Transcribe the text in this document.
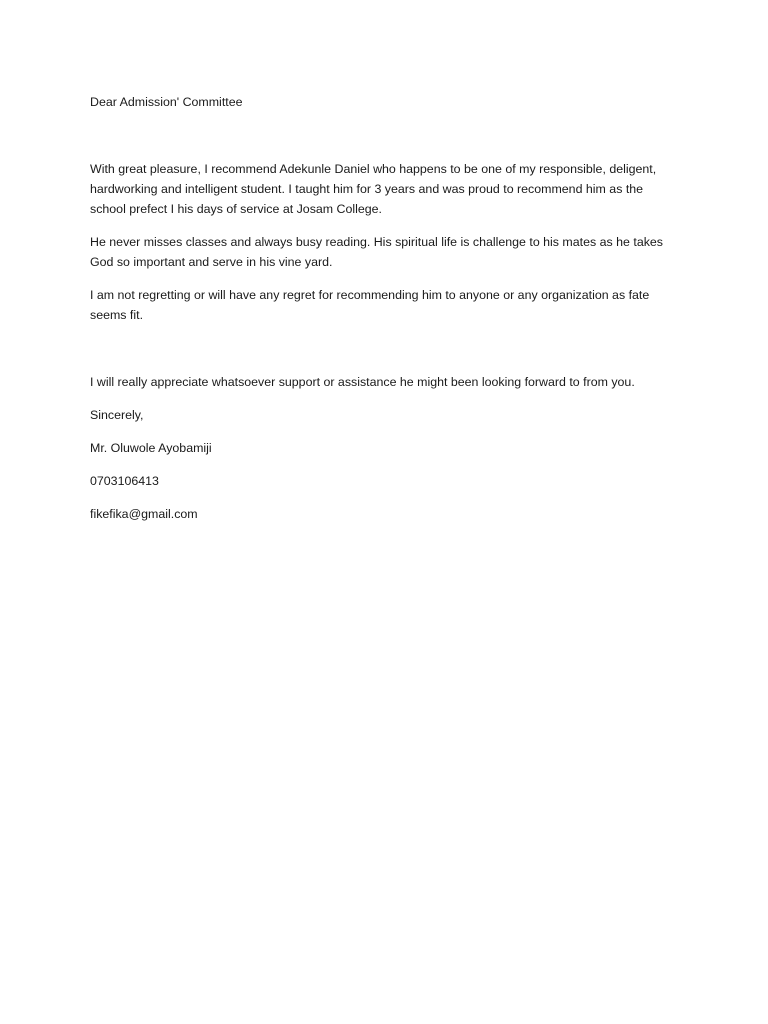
Dear Admission' Committee

With great pleasure, I recommend Adekunle Daniel who happens to be one of my responsible, deligent, hardworking and intelligent student. I taught him for 3 years and was proud to recommend him as the school prefect I his days of service at Josam College.

He never misses classes and always busy reading. His spiritual life is challenge to his mates as he takes God so important and serve in his vine yard.

I am not regretting or will have any regret for recommending him to anyone or any organization as fate seems fit.

I will really appreciate whatsoever support or assistance he might been looking forward to from you.

Sincerely,

Mr. Oluwole Ayobamiji

0703106413

fikefika@gmail.com
